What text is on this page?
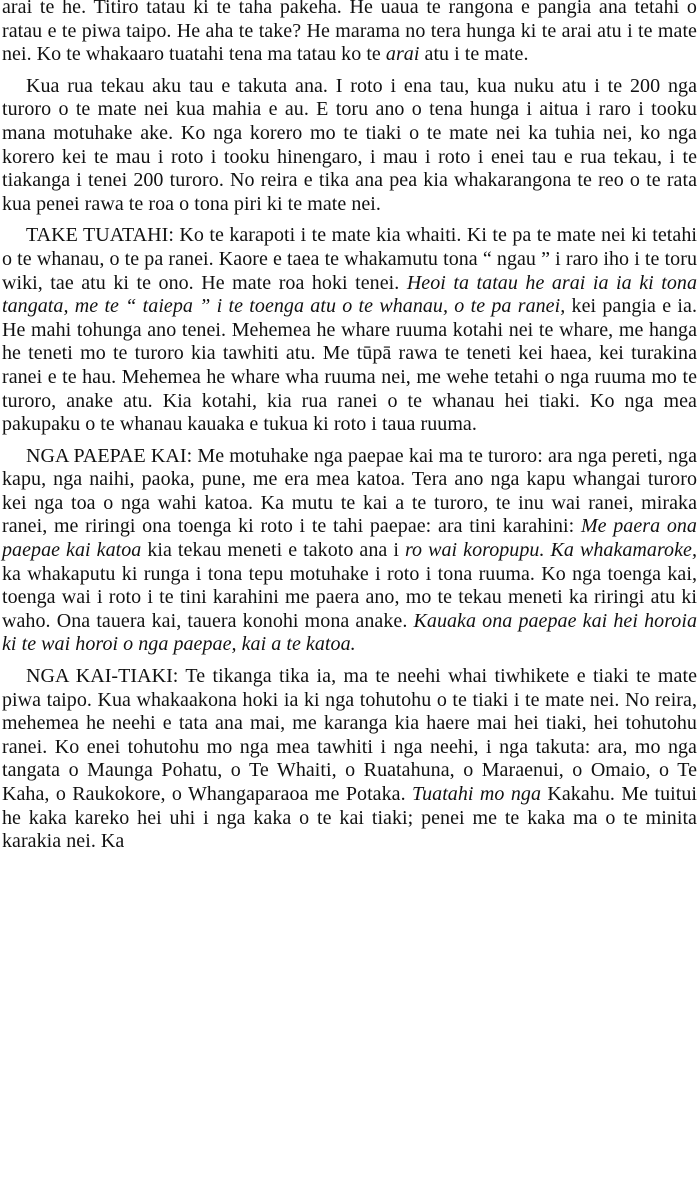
arai te he. Titiro tatau ki te taha pakeha. He uaua te rangona e pangia ana tetahi o ratau e te piwa taipo. He aha te take? He marama no tera hunga ki te arai atu i te mate nei. Ko te whakaaro tuatahi tena ma tatau ko te arai atu i te mate.

Kua rua tekau aku tau e takuta ana. I roto i ena tau, kua nuku atu i te 200 nga turoro o te mate nei kua mahia e au. E toru ano o tena hunga i aitua i raro i tooku mana motuhake ake. Ko nga korero mo te tiaki o te mate nei ka tuhia nei, ko nga korero kei te mau i roto i tooku hinengaro, i mau i roto i enei tau e rua tekau, i te tiakanga i tenei 200 turoro. No reira e tika ana pea kia whakarangona te reo o te rata kua penei rawa te roa o tona piri ki te mate nei.

TAKE TUATAHI: Ko te karapoti i te mate kia whaiti. Ki te pa te mate nei ki tetahi o te whanau, o te pa ranei. Kaore e taea te whakamutu tona “ ngau ” i raro iho i te toru wiki, tae atu ki te ono. He mate roa hoki tenei. Heoi ta tatau he arai ia ia ki tona tangata, me te “ taiepa ” i te toenga atu o te whanau, o te pa ranei, kei pangia e ia. He mahi tohunga ano tenei. Mehemea he whare ruuma kotahi nei te whare, me hanga he teneti mo te turoro kia tawhiti atu. Me tūpā rawa te teneti kei haea, kei turakina ranei e te hau. Mehemea he whare wha ruuma nei, me wehe tetahi o nga ruuma mo te turoro, anake atu. Kia kotahi, kia rua ranei o te whanau hei tiaki. Ko nga mea pakupaku o te whanau kauaka e tukua ki roto i taua ruuma.

NGA PAEPAE KAI: Me motuhake nga paepae kai ma te turoro: ara nga pereti, nga kapu, nga naihi, paoka, pune, me era mea katoa. Tera ano nga kapu whangai turoro kei nga toa o nga wahi katoa. Ka mutu te kai a te turoro, te inu wai ranei, miraka ranei, me riringi ona toenga ki roto i te tahi paepae: ara tini karahini: Me paera ona paepae kai katoa kia tekau meneti e takoto ana i ro wai koropupu. Ka whakamaroke, ka whakaputu ki runga i tona tepu motuhake i roto i tona ruuma. Ko nga toenga kai, toenga wai i roto i te tini karahini me paera ano, mo te tekau meneti ka riringi atu ki waho. Ona tauera kai, tauera konohi mona anake. Kauaka ona paepae kai hei horoia ki te wai horoi o nga paepae, kai a te katoa.

NGA KAI-TIAKI: Te tikanga tika ia, ma te neehi whai tiwhikete e tiaki te mate piwa taipo. Kua whakaakona hoki ia ki nga tohutohu o te tiaki i te mate nei. No reira, mehemea he neehi e tata ana mai, me karanga kia haere mai hei tiaki, hei tohutohu ranei. Ko enei tohutohu mo nga mea tawhiti i nga neehi, i nga takuta: ara, mo nga tangata o Maunga Pohatu, o Te Whaiti, o Ruatahuna, o Maraenui, o Omaio, o Te Kaha, o Raukokore, o Whangaparaoa me Potaka. Tuatahi mo nga Kakahu. Me tuitui he kaka kareko hei uhi i nga kaka o te kai tiaki; penei me te kaka ma o te minita karakia nei. Ka
